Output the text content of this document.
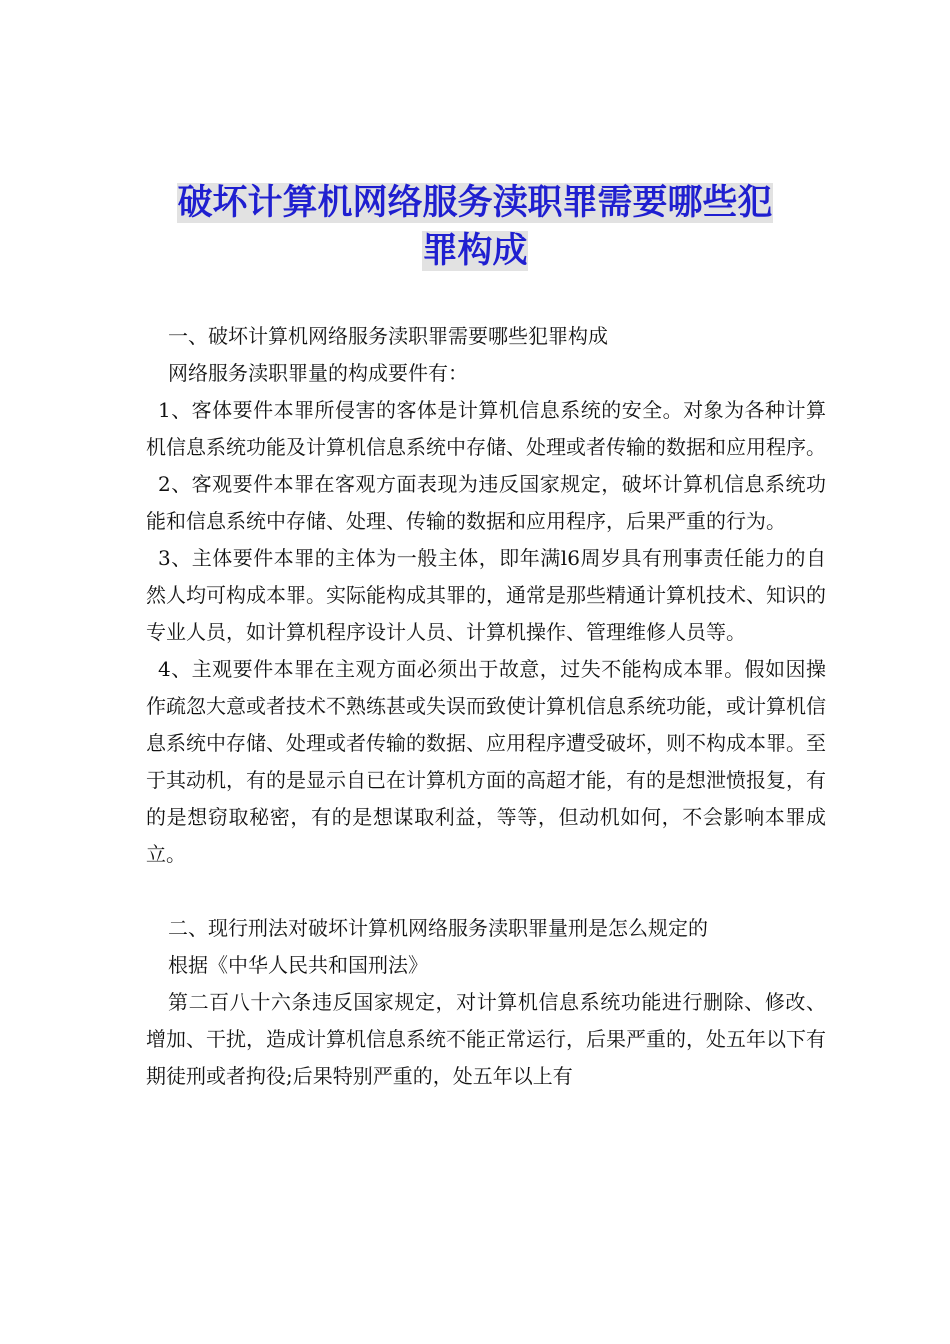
破坏计算机网络服务渎职罪需要哪些犯
罪构成

一、破坏计算机网络服务渎职罪需要哪些犯罪构成

网络服务渎职罪量的构成要件有：

1、客体要件本罪所侵害的客体是计算机信息系统的安全。对象为各种计算机信息系统功能及计算机信息系统中存储、处理或者传输的数据和应用程序。

2、客观要件本罪在客观方面表现为违反国家规定，破坏计算机信息系统功能和信息系统中存储、处理、传输的数据和应用程序，后果严重的行为。

3、主体要件本罪的主体为一般主体，即年满l6周岁具有刑事责任能力的自然人均可构成本罪。实际能构成其罪的，通常是那些精通计算机技术、知识的专业人员，如计算机程序设计人员、计算机操作、管理维修人员等。

4、主观要件本罪在主观方面必须出于故意，过失不能构成本罪。假如因操作疏忽大意或者技术不熟练甚或失误而致使计算机信息系统功能，或计算机信息系统中存储、处理或者传输的数据、应用程序遭受破坏，则不构成本罪。至于其动机，有的是显示自已在计算机方面的高超才能，有的是想泄愤报复，有的是想窃取秘密，有的是想谋取利益，等等，但动机如何，不会影响本罪成立。

二、现行刑法对破坏计算机网络服务渎职罪量刑是怎么规定的

根据《中华人民共和国刑法》

第二百八十六条违反国家规定，对计算机信息系统功能进行删除、修改、增加、干扰，造成计算机信息系统不能正常运行，后果严重的，处五年以下有期徒刑或者拘役;后果特别严重的，处五年以上有
